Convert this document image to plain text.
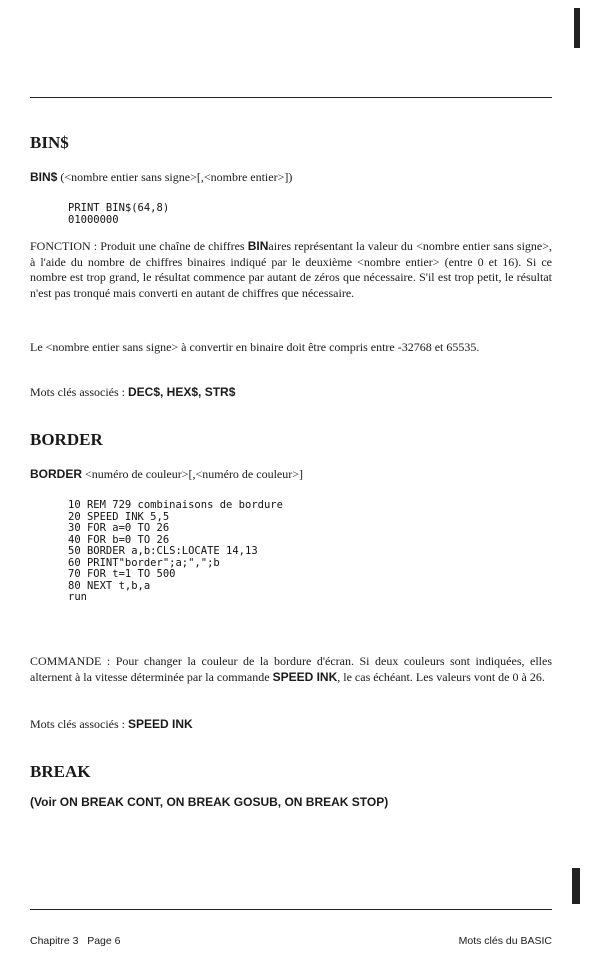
BIN$

BIN$ (<nombre entier sans signe>[,<nombre entier>])

PRINT BIN$(64,8)
01000000

FONCTION : Produit une chaîne de chiffres BINaires représentant la valeur du <nombre entier sans signe>, à l'aide du nombre de chiffres binaires indiqué par le deuxième <nombre entier> (entre 0 et 16). Si ce nombre est trop grand, le résultat commence par autant de zéros que nécessaire. S'il est trop petit, le résultat n'est pas tronqué mais converti en autant de chiffres que nécessaire.

Le <nombre entier sans signe> à convertir en binaire doit être compris entre -32768 et 65535.

Mots clés associés : DEC$, HEX$, STR$

BORDER

BORDER <numéro de couleur>[,<numéro de couleur>]

10 REM 729 combinaisons de bordure
20 SPEED INK 5,5
30 FOR a=0 TO 26
40 FOR b=0 TO 26
50 BORDER a,b:CLS:LOCATE 14,13
60 PRINT"border";a;",";b
70 FOR t=1 TO 500
80 NEXT t,b,a
run

COMMANDE : Pour changer la couleur de la bordure d'écran. Si deux couleurs sont indiquées, elles alternent à la vitesse déterminée par la commande SPEED INK, le cas échéant. Les valeurs vont de 0 à 26.

Mots clés associés : SPEED INK

BREAK

(Voir ON BREAK CONT, ON BREAK GOSUB, ON BREAK STOP)

Chapitre 3   Page 6	Mots clés du BASIC
